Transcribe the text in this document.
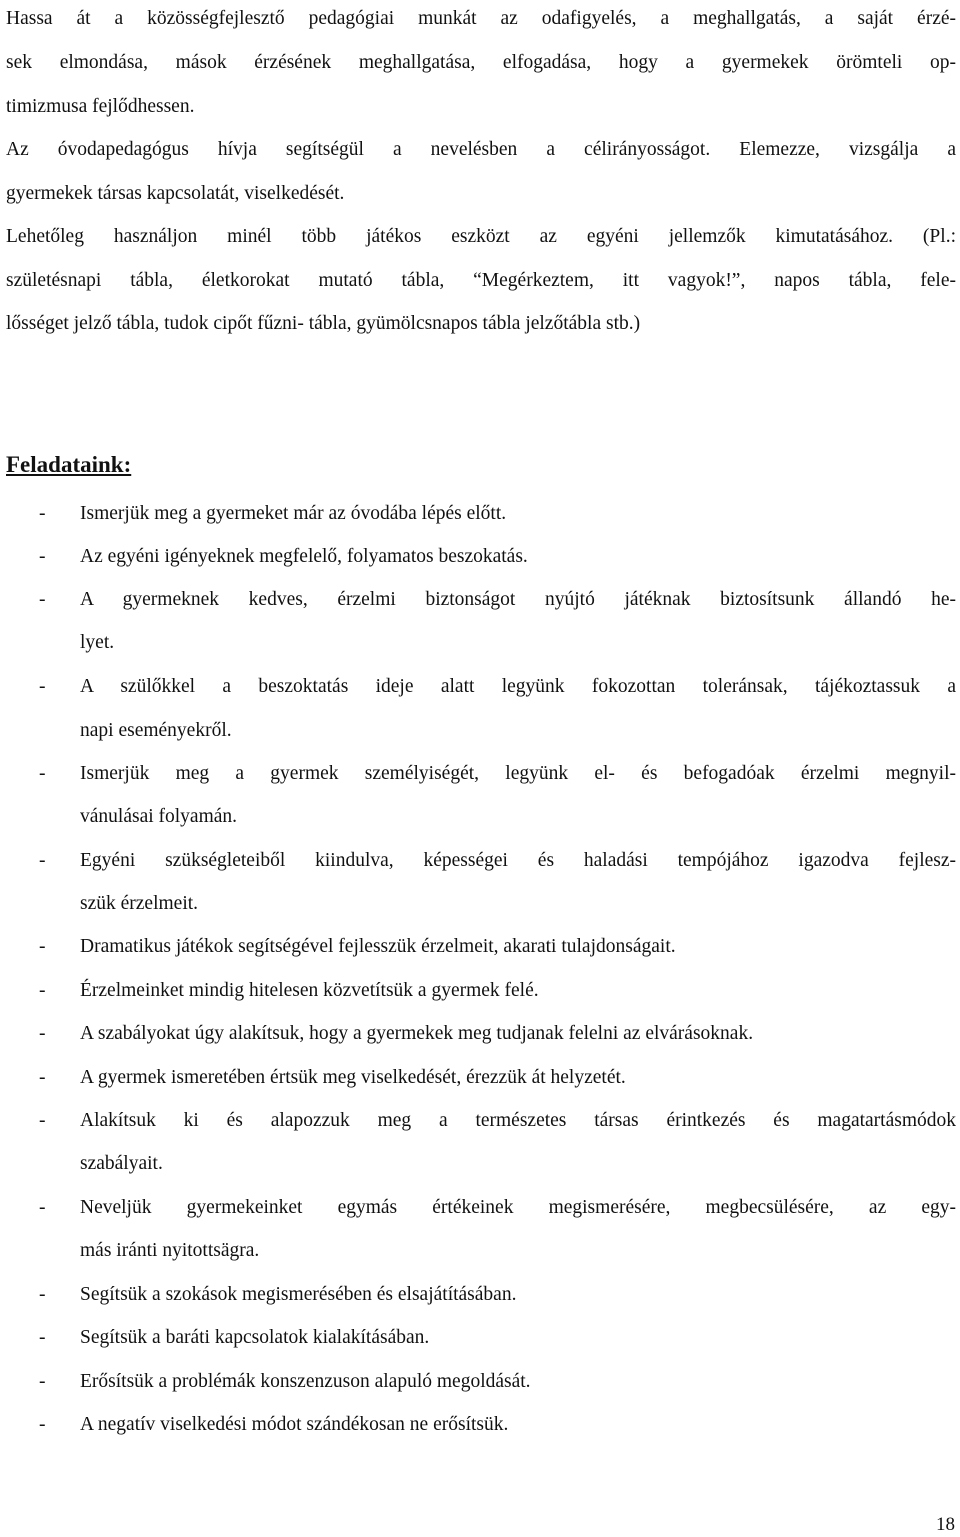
Hassa át a közösségfejlesztő pedagógiai munkát az odafigyelés, a meghallgatás, a saját érzé-
sek elmondása, mások érzésének meghallgatása, elfogadása, hogy a gyermekek örömteli op-
timizmusa fejlődhessen.
Az óvodapedagógus hívja segítségül a nevelésben a célirányosságot. Elemezze, vizsgálja a
gyermekek társas kapcsolatát, viselkedését.
Lehetőleg használjon minél több játékos eszközt az egyéni jellemzők kimutatásához. (Pl.:
születésnapi tábla, életkorokat mutató tábla, “Megérkeztem, itt vagyok!”, napos tábla, fele-
lősséget jelző tábla, tudok cipőt fűzni- tábla, gyümölcsnapos tábla jelzőtábla stb.)
Feladataink:
- Ismerjük meg a gyermeket már az óvodába lépés előtt.
- Az egyéni igényeknek megfelelő, folyamatos beszokatás.
- A gyermeknek kedves, érzelmi biztonságot nyújtó játéknak biztosítsunk állandó he-
lyet.
- A szülőkkel a beszoktatás ideje alatt legyünk fokozottan toleránsak, tájékoztassuk a
napi eseményekről.
- Ismerjük meg a gyermek személyiségét, legyünk el- és befogadóak érzelmi megnyil-
vánulásai folyamán.
- Egyéni szükségleteiből kiindulva, képességei és haladási tempójához igazodva fejlesz-
szük érzelmeit.
- Dramatikus játékok segítségével fejlesszük érzelmeit, akarati tulajdonságait.
- Érzelmeinket mindig hitelesen közvetítsük a gyermek felé.
- A szabályokat úgy alakítsuk, hogy a gyermekek meg tudjanak felelni az elvárásoknak.
- A gyermek ismeretében értsük meg viselkedését, érezzük át helyzetét.
- Alakítsuk ki és alapozzuk meg a természetes társas érintkezés és magatartásmódok
szabályait.
- Neveljük gyermekeinket egymás értékeinek megismerésére, megbecsülésére, az egy-
más iránti nyitottsägra.
- Segítsük a szokások megismerésében és elsajátításában.
- Segítsük a baráti kapcsolatok kialakításában.
- Erősítsük a problémák konszenzuson alapuló megoldását.
- A negatív viselkedési módot szándékosan ne erősítsük.
18
